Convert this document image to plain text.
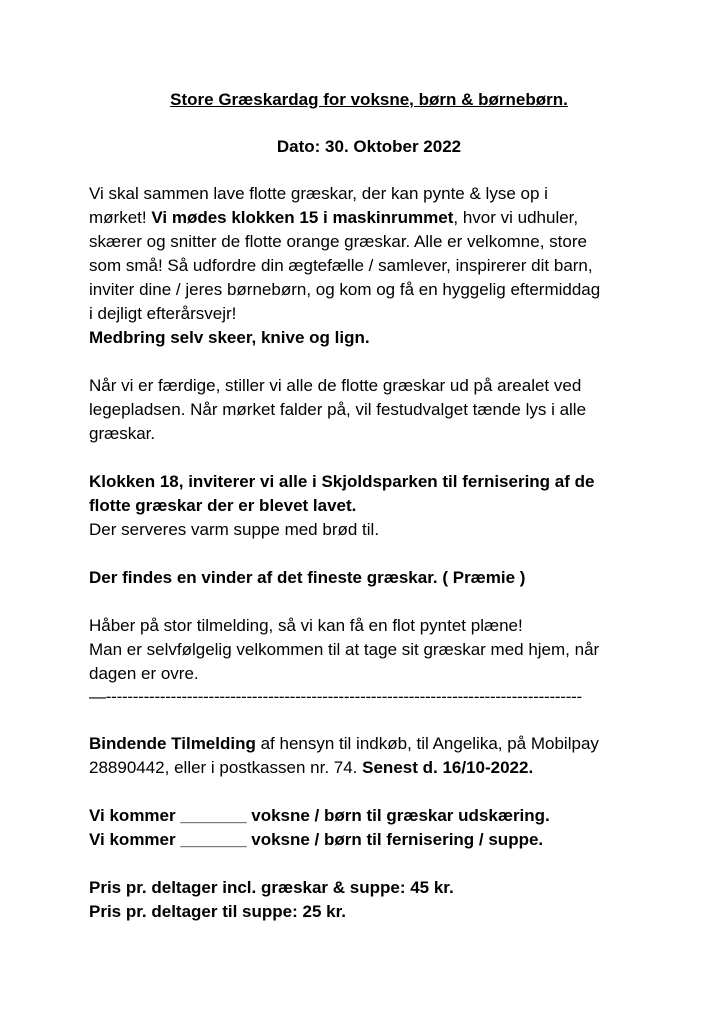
Store Græskardag for voksne, børn & børnebørn.
Dato: 30. Oktober 2022
Vi skal sammen lave flotte græskar, der kan pynte & lyse op i
mørket! Vi mødes klokken 15 i maskinrummet, hvor vi udhuler,
skærer og snitter de flotte orange græskar. Alle er velkomne, store
som små! Så udfordre din ægtefælle / samlever, inspirerer dit barn,
inviter dine / jeres børnebørn, og kom og få en hyggelig eftermiddag
i dejligt efterårsvejr!
Medbring selv skeer, knive og lign.
Når vi er færdige, stiller vi alle de flotte græskar ud på arealet ved
legepladsen. Når mørket falder på, vil festudvalget tænde lys i alle
græskar.
Klokken 18, inviterer vi alle i Skjoldsparken til fernisering af de
flotte græskar der er blevet lavet.
Der serveres varm suppe med brød til.
Der findes en vinder af det fineste græskar. ( Præmie )
Håber på stor tilmelding, så vi kan få en flot pyntet plæne!
Man er selvfølgelig velkommen til at tage sit græskar med hjem, når
dagen er ovre.
—----------------------------------------------------------------------------------------
Bindende Tilmelding af hensyn til indkøb, til Angelika, på Mobilpay
28890442, eller i postkassen nr. 74. Senest d. 16/10-2022.
Vi kommer _______ voksne / børn til græskar udskæring.
Vi kommer _______ voksne / børn til fernisering / suppe.
Pris pr. deltager incl. græskar & suppe: 45 kr.
Pris pr. deltager til suppe: 25 kr.
